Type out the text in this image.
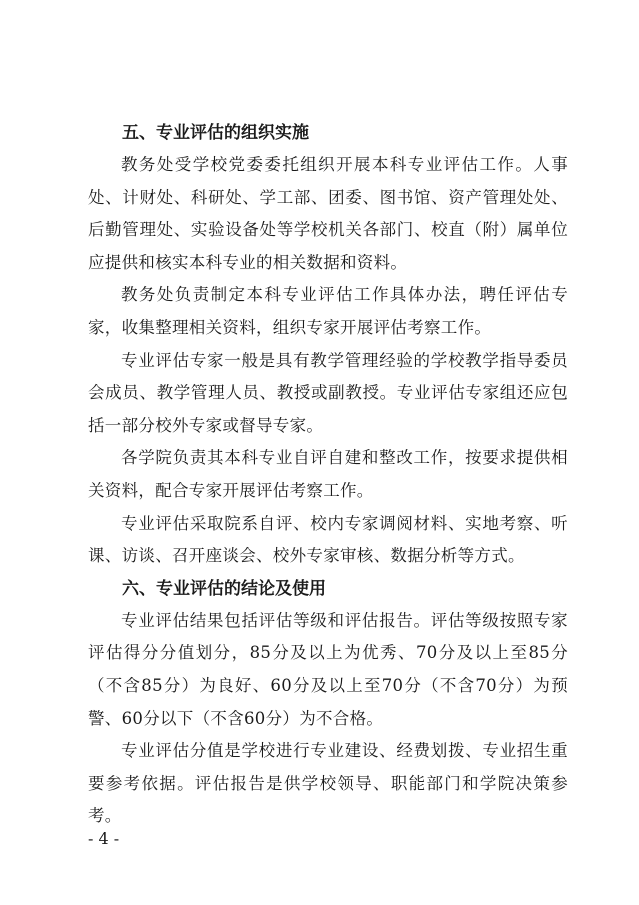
五、专业评估的组织实施

教务处受学校党委委托组织开展本科专业评估工作。人事处、计财处、科研处、学工部、团委、图书馆、资产管理处处、后勤管理处、实验设备处等学校机关各部门、校直（附）属单位应提供和核实本科专业的相关数据和资料。

教务处负责制定本科专业评估工作具体办法，聘任评估专家，收集整理相关资料，组织专家开展评估考察工作。

专业评估专家一般是具有教学管理经验的学校教学指导委员会成员、教学管理人员、教授或副教授。专业评估专家组还应包括一部分校外专家或督导专家。

各学院负责其本科专业自评自建和整改工作，按要求提供相关资料，配合专家开展评估考察工作。

专业评估采取院系自评、校内专家调阅材料、实地考察、听课、访谈、召开座谈会、校外专家审核、数据分析等方式。

六、专业评估的结论及使用

专业评估结果包括评估等级和评估报告。评估等级按照专家评估得分分值划分，85分及以上为优秀、70分及以上至85分（不含85分）为良好、60分及以上至70分（不含70分）为预警、60分以下（不含60分）为不合格。

专业评估分值是学校进行专业建设、经费划拨、专业招生重要参考依据。评估报告是供学校领导、职能部门和学院决策参考。

- 4 -
